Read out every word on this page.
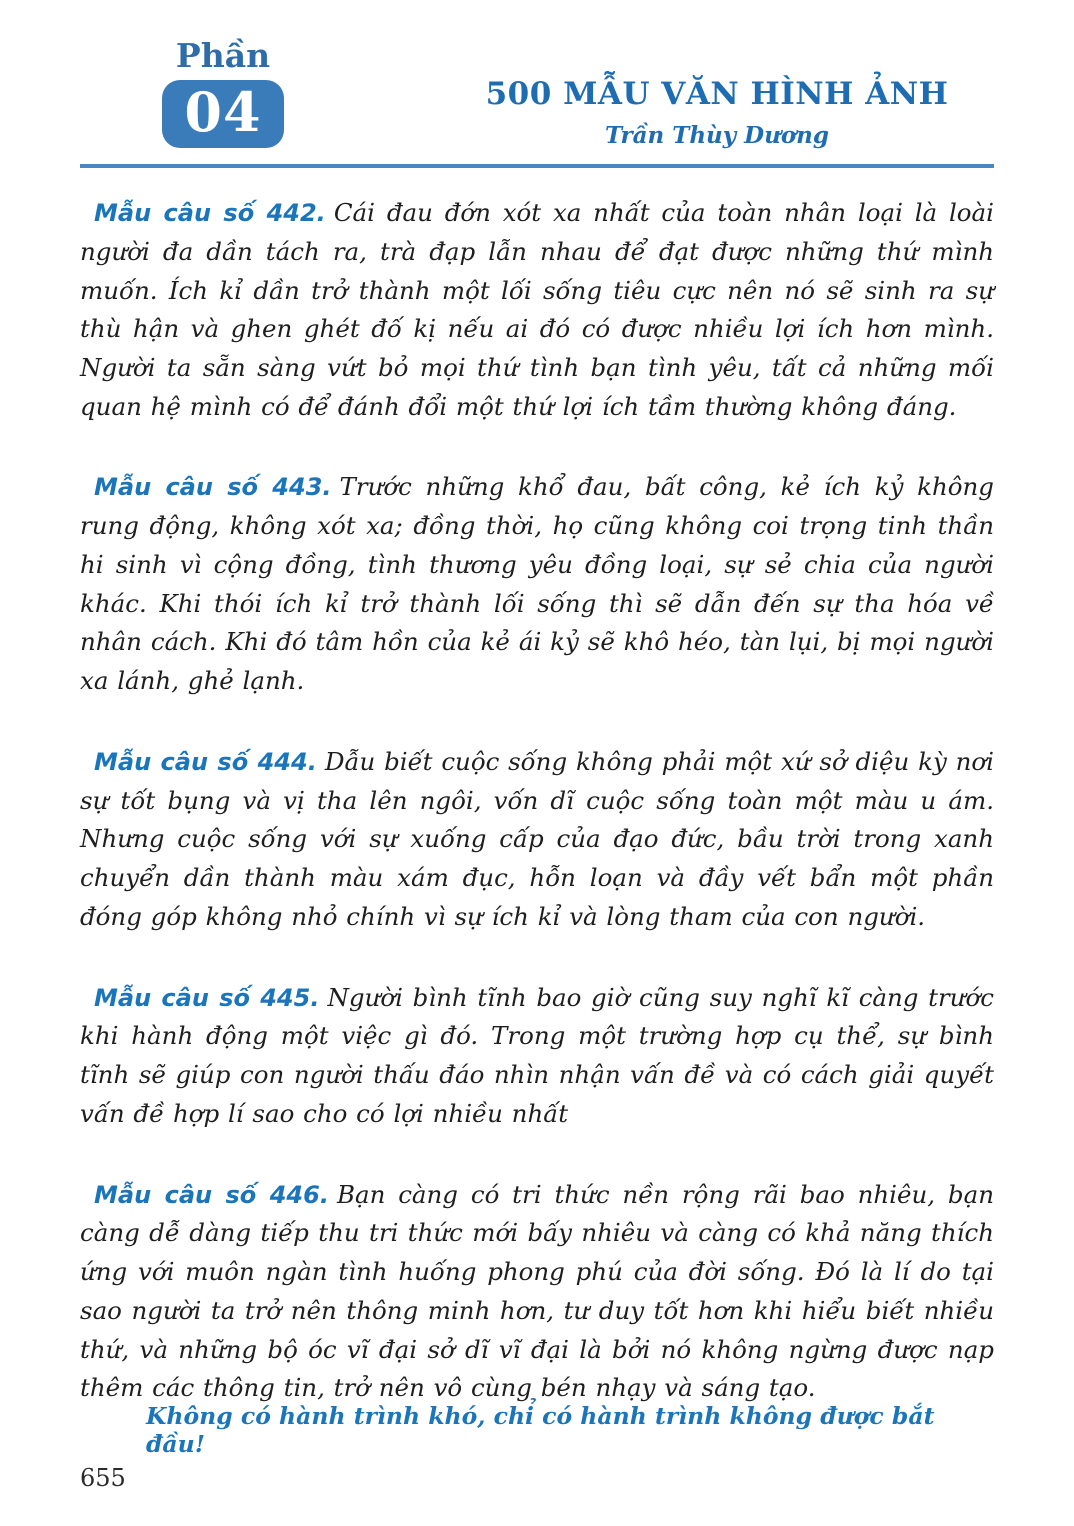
Phần
04	500 MẪU VĂN HÌNH ẢNH
Trần Thùy Dương

Mẫu câu số 442. Cái đau đớn xót xa nhất của toàn nhân loại là loài người đa dần tách ra, trà đạp lẫn nhau để đạt được những thứ mình muốn. Ích kỉ dần trở thành một lối sống tiêu cực nên nó sẽ sinh ra sự thù hận và ghen ghét đố kị nếu ai đó có được nhiều lợi ích hơn mình. Người ta sẵn sàng vứt bỏ mọi thứ tình bạn tình yêu, tất cả những mối quan hệ mình có để đánh đổi một thứ lợi ích tầm thường không đáng.

Mẫu câu số 443. Trước những khổ đau, bất công, kẻ ích kỷ không rung động, không xót xa; đồng thời, họ cũng không coi trọng tinh thần hi sinh vì cộng đồng, tình thương yêu đồng loại, sự sẻ chia của người khác. Khi thói ích kỉ trở thành lối sống thì sẽ dẫn đến sự tha hóa về nhân cách. Khi đó tâm hồn của kẻ ái kỷ sẽ khô héo, tàn lụi, bị mọi người xa lánh, ghẻ lạnh.

Mẫu câu số 444. Dẫu biết cuộc sống không phải một xứ sở diệu kỳ nơi sự tốt bụng và vị tha lên ngôi, vốn dĩ cuộc sống toàn một màu u ám. Nhưng cuộc sống với sự xuống cấp của đạo đức, bầu trời trong xanh chuyển dần thành màu xám đục, hỗn loạn và đầy vết bẩn một phần đóng góp không nhỏ chính vì sự ích kỉ và lòng tham của con người.

Mẫu câu số 445. Người bình tĩnh bao giờ cũng suy nghĩ kĩ càng trước khi hành động một việc gì đó. Trong một trường hợp cụ thể, sự bình tĩnh sẽ giúp con người thấu đáo nhìn nhận vấn đề và có cách giải quyết vấn đề hợp lí sao cho có lợi nhiều nhất

Mẫu câu số 446. Bạn càng có tri thức nền rộng rãi bao nhiêu, bạn càng dễ dàng tiếp thu tri thức mới bấy nhiêu và càng có khả năng thích ứng với muôn ngàn tình huống phong phú của đời sống. Đó là lí do tại sao người ta trở nên thông minh hơn, tư duy tốt hơn khi hiểu biết nhiều thứ, và những bộ óc vĩ đại sở dĩ vĩ đại là bởi nó không ngừng được nạp thêm các thông tin, trở nên vô cùng bén nhạy và sáng tạo.

Không có hành trình khó, chỉ có hành trình không được bắt đầu!
655
